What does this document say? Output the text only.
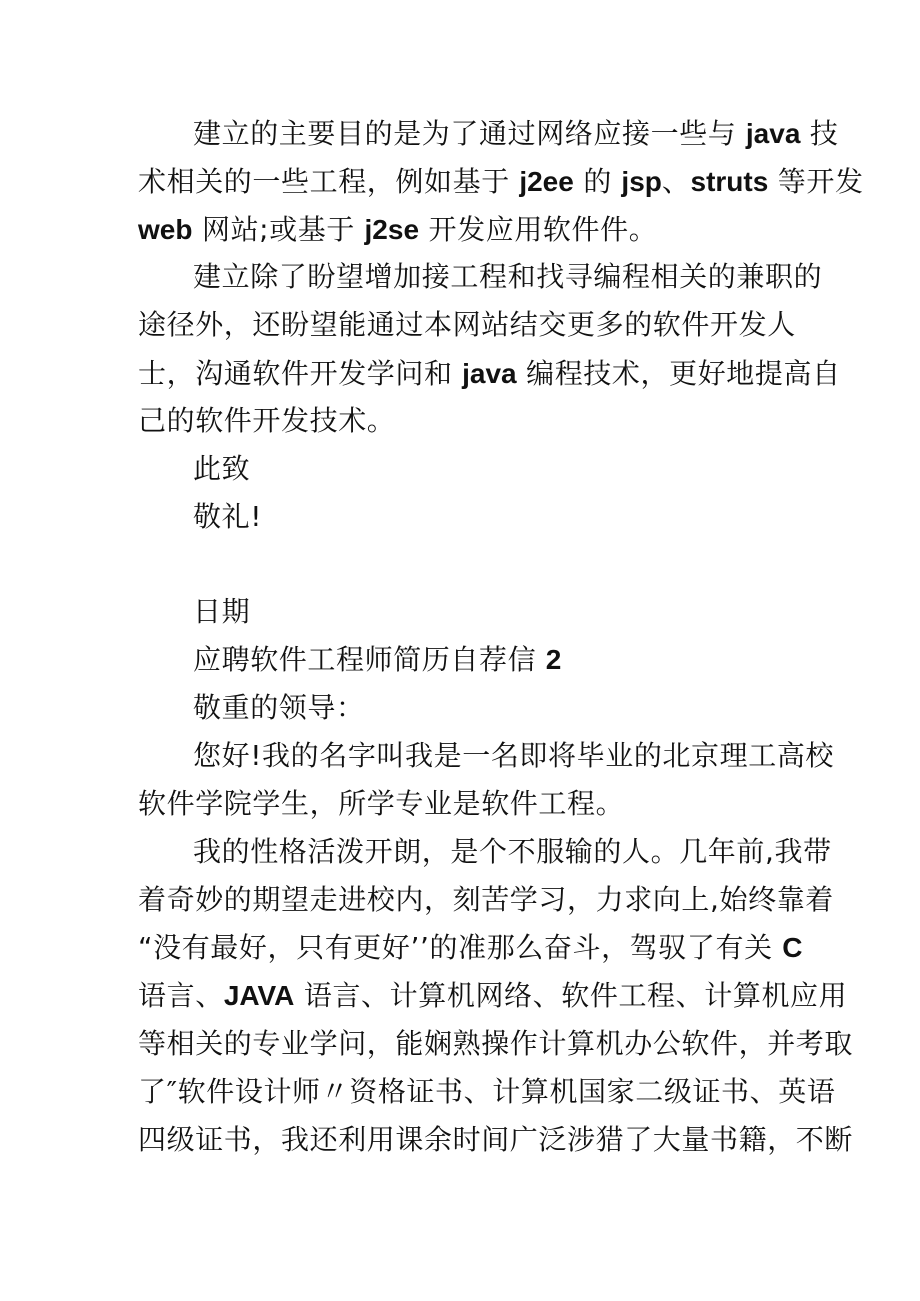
建立的主要目的是为了通过网络应接一些与 java 技
术相关的一些工程，例如基于 j2ee 的 jsp、struts 等开发
web 网站;或基于 j2se 开发应用软件件。
建立除了盼望增加接工程和找寻编程相关的兼职的
途径外，还盼望能通过本网站结交更多的软件开发人
士，沟通软件开发学问和 java 编程技术，更好地提高自
己的软件开发技术。
此致
敬礼!
日期
应聘软件工程师简历自荐信 2
敬重的领导：
您好!我的名字叫我是一名即将毕业的北京理工高校
软件学院学生，所学专业是软件工程。
我的性格活泼开朗，是个不服输的人。几年前,我带
着奇妙的期望走进校内，刻苦学习，力求向上,始终靠着
“没有最好，只有更好’’的准那么奋斗，驾驭了有关 C
语言、JAVA 语言、计算机网络、软件工程、计算机应用
等相关的专业学问，能娴熟操作计算机办公软件，并考取
了″软件设计师〃资格证书、计算机国家二级证书、英语
四级证书，我还利用课余时间广泛涉猎了大量书籍，不断
